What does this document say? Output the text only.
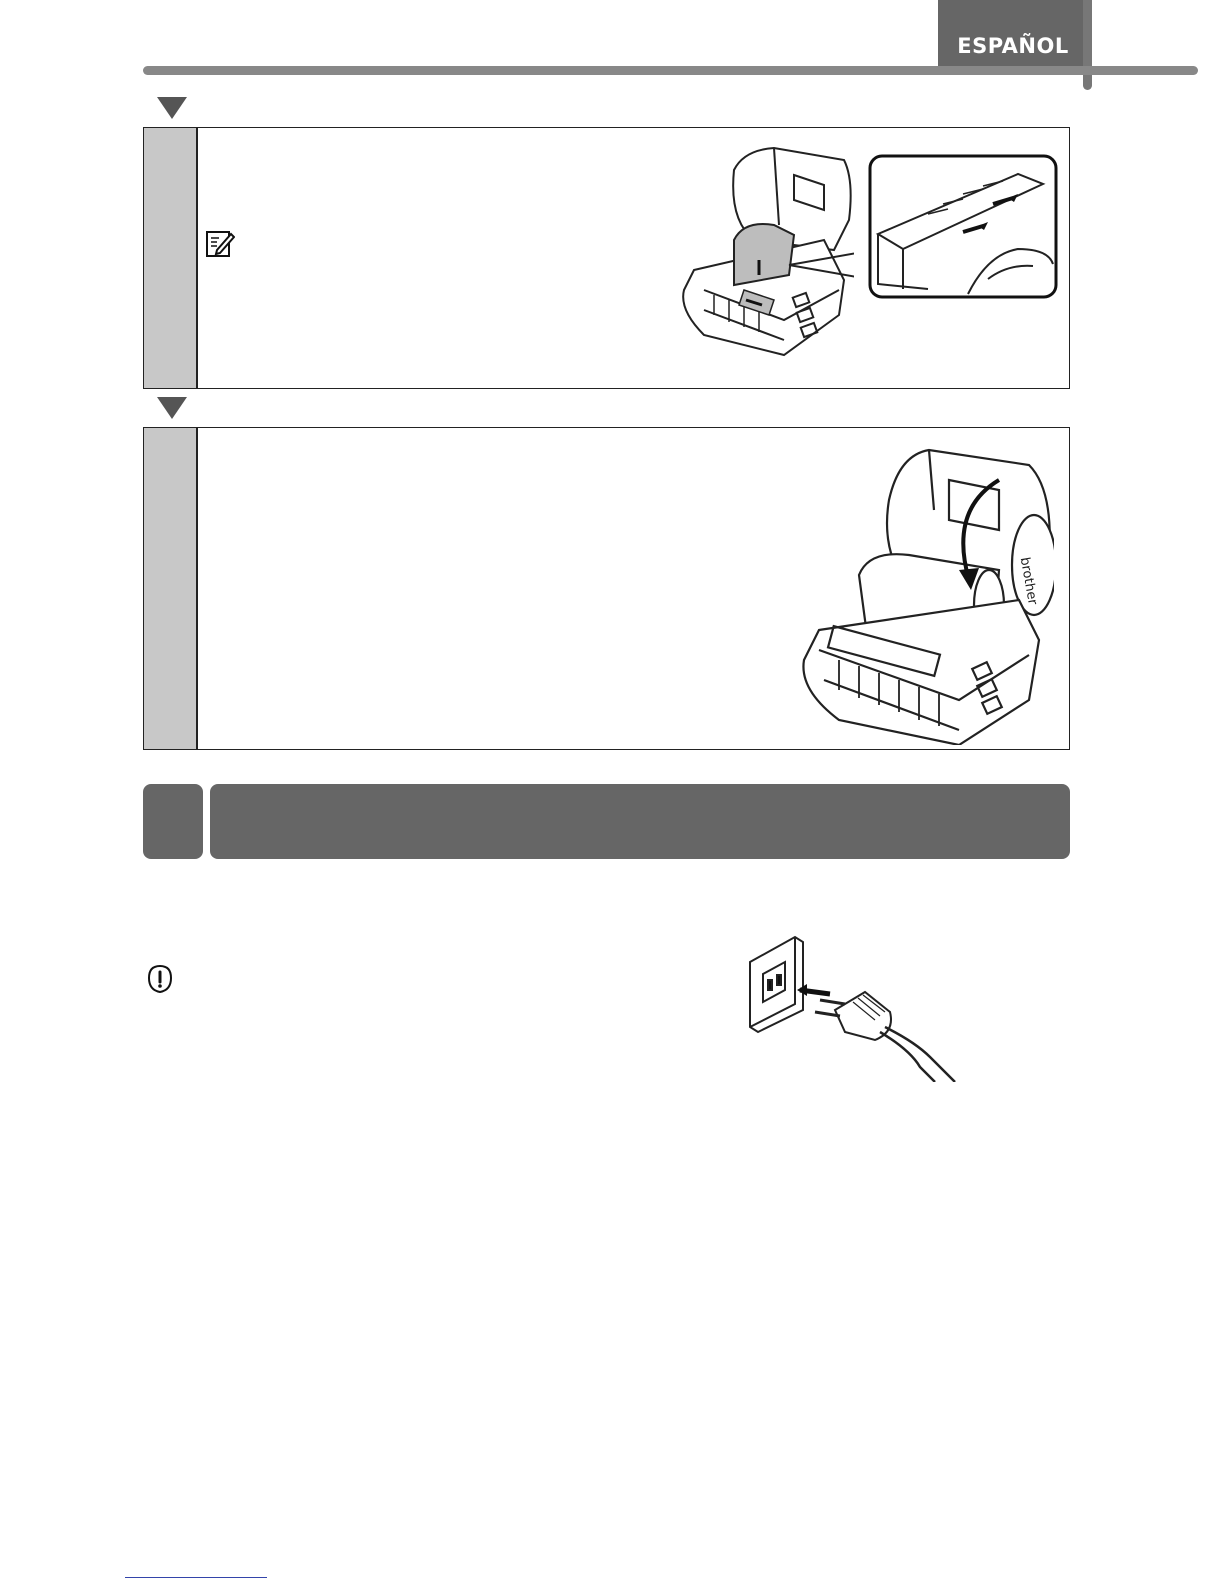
ESPAÑOL
brother
